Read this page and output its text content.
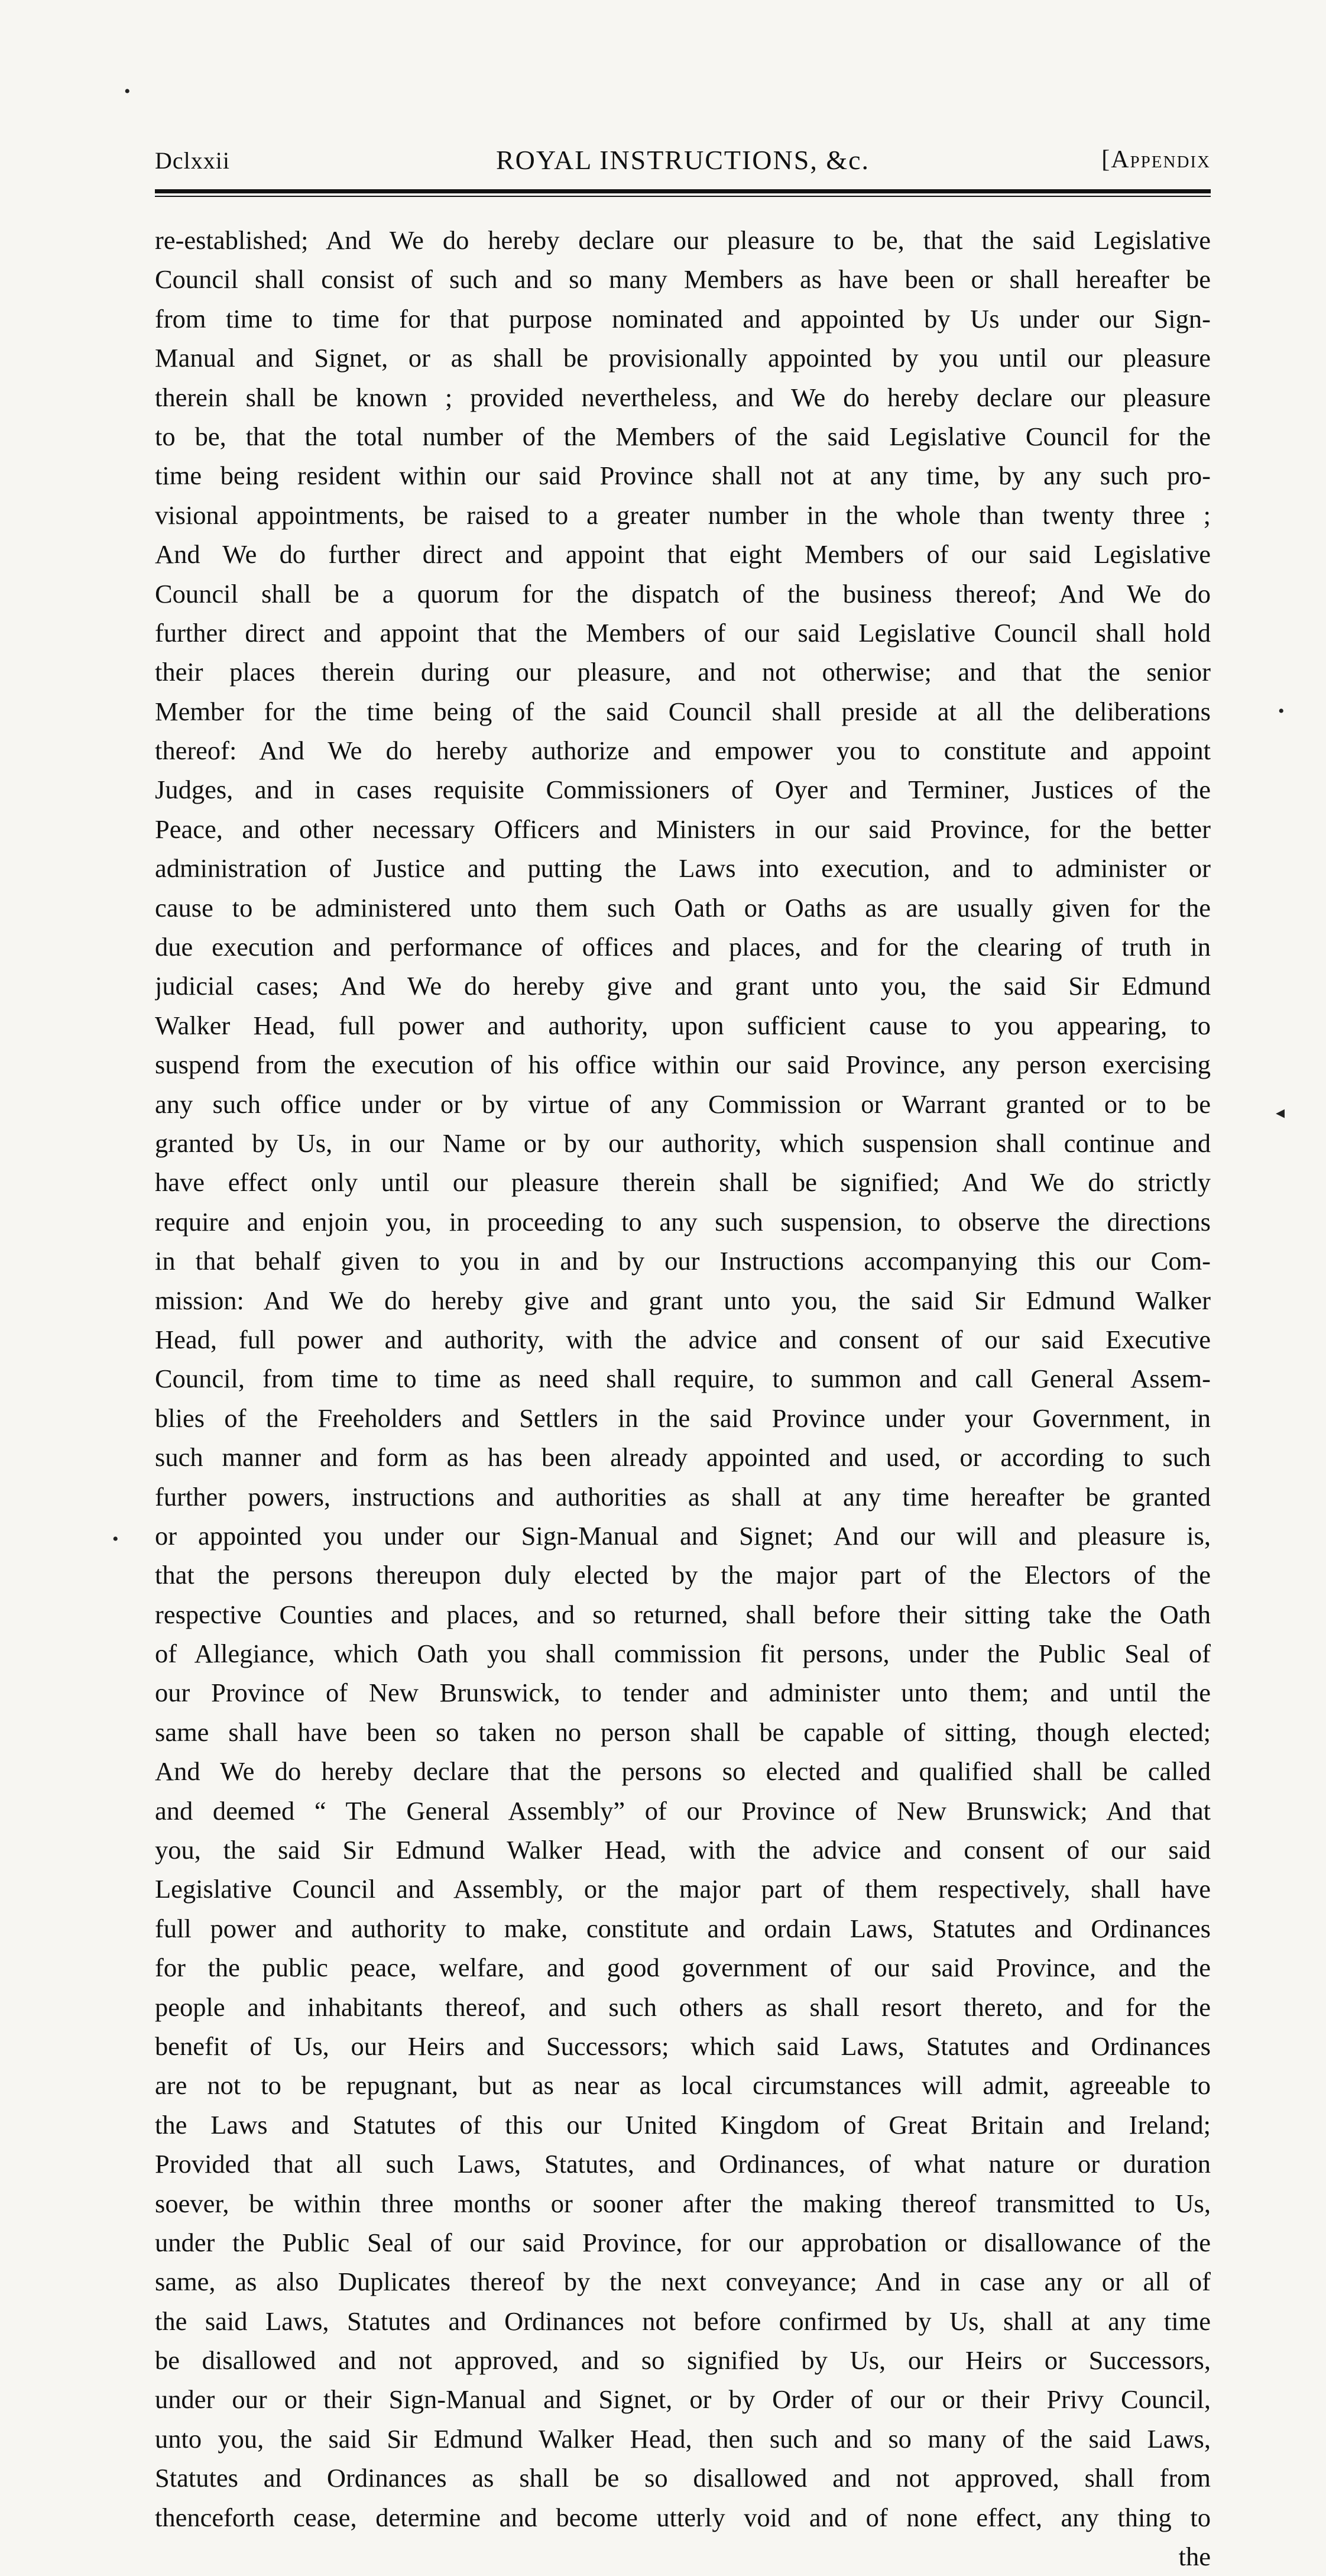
Dclxxii	ROYAL INSTRUCTIONS, &c.	[Appendix
re-established; And We do hereby declare our pleasure to be, that the said Legislative
Council shall consist of such and so many Members as have been or shall hereafter be
from time to time for that purpose nominated and appointed by Us under our Sign-
Manual and Signet, or as shall be provisionally appointed by you until our pleasure
therein shall be known ; provided nevertheless, and We do hereby declare our pleasure
to be, that the total number of the Members of the said Legislative Council for the
time being resident within our said Province shall not at any time, by any such pro-
visional appointments, be raised to a greater number in the whole than twenty three ;
And We do further direct and appoint that eight Members of our said Legislative
Council shall be a quorum for the dispatch of the business thereof; And We do
further direct and appoint that the Members of our said Legislative Council shall hold
their places therein during our pleasure, and not otherwise; and that the senior
Member for the time being of the said Council shall preside at all the deliberations
thereof: And We do hereby authorize and empower you to constitute and appoint
Judges, and in cases requisite Commissioners of Oyer and Terminer, Justices of the
Peace, and other necessary Officers and Ministers in our said Province, for the better
administration of Justice and putting the Laws into execution, and to administer or
cause to be administered unto them such Oath or Oaths as are usually given for the
due execution and performance of offices and places, and for the clearing of truth in
judicial cases; And We do hereby give and grant unto you, the said Sir Edmund
Walker Head, full power and authority, upon sufficient cause to you appearing, to
suspend from the execution of his office within our said Province, any person exercising
any such office under or by virtue of any Commission or Warrant granted or to be
granted by Us, in our Name or by our authority, which suspension shall continue and
have effect only until our pleasure therein shall be signified; And We do strictly
require and enjoin you, in proceeding to any such suspension, to observe the directions
in that behalf given to you in and by our Instructions accompanying this our Com-
mission: And We do hereby give and grant unto you, the said Sir Edmund Walker
Head, full power and authority, with the advice and consent of our said Executive
Council, from time to time as need shall require, to summon and call General Assem-
blies of the Freeholders and Settlers in the said Province under your Government, in
such manner and form as has been already appointed and used, or according to such
further powers, instructions and authorities as shall at any time hereafter be granted
or appointed you under our Sign-Manual and Signet; And our will and pleasure is,
that the persons thereupon duly elected by the major part of the Electors of the
respective Counties and places, and so returned, shall before their sitting take the Oath
of Allegiance, which Oath you shall commission fit persons, under the Public Seal of
our Province of New Brunswick, to tender and administer unto them; and until the
same shall have been so taken no person shall be capable of sitting, though elected;
And We do hereby declare that the persons so elected and qualified shall be called
and deemed “ The General Assembly” of our Province of New Brunswick; And that
you, the said Sir Edmund Walker Head, with the advice and consent of our said
Legislative Council and Assembly, or the major part of them respectively, shall have
full power and authority to make, constitute and ordain Laws, Statutes and Ordinances
for the public peace, welfare, and good government of our said Province, and the
people and inhabitants thereof, and such others as shall resort thereto, and for the
benefit of Us, our Heirs and Successors; which said Laws, Statutes and Ordinances
are not to be repugnant, but as near as local circumstances will admit, agreeable to
the Laws and Statutes of this our United Kingdom of Great Britain and Ireland;
Provided that all such Laws, Statutes, and Ordinances, of what nature or duration
soever, be within three months or sooner after the making thereof transmitted to Us,
under the Public Seal of our said Province, for our approbation or disallowance of the
same, as also Duplicates thereof by the next conveyance; And in case any or all of
the said Laws, Statutes and Ordinances not before confirmed by Us, shall at any time
be disallowed and not approved, and so signified by Us, our Heirs or Successors,
under our or their Sign-Manual and Signet, or by Order of our or their Privy Council,
unto you, the said Sir Edmund Walker Head, then such and so many of the said Laws,
Statutes and Ordinances as shall be so disallowed and not approved, shall from
thenceforth cease, determine and become utterly void and of none effect, any thing to
the
•
•
◂
•
